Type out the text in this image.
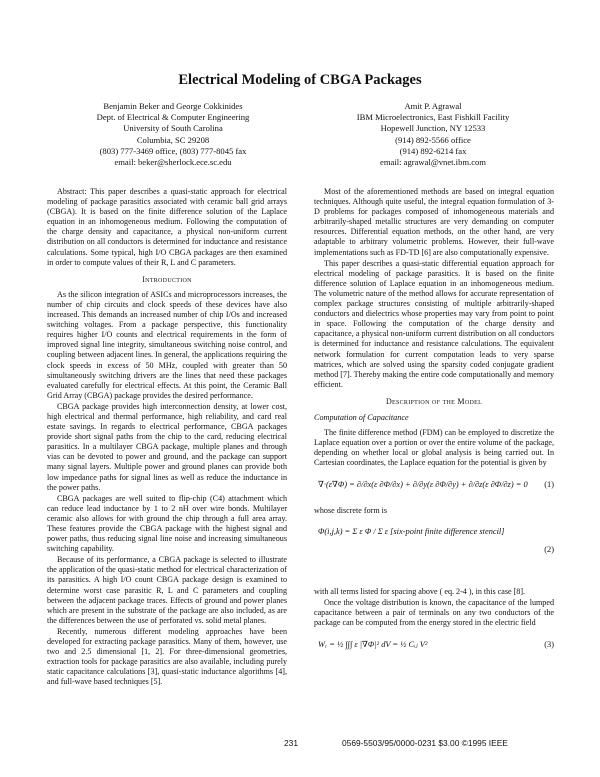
Electrical Modeling of CBGA Packages
Benjamin Beker and George Cokkinides
Dept. of Electrical & Computer Engineering
University of South Carolina
Columbia, SC 29208
(803) 777-3469 office, (803) 777-8045 fax
email: beker@sherlock.ece.sc.edu
Amit P. Agrawal
IBM Microelectronics, East Fishkill Facility
Hopewell Junction, NY 12533
(914) 892-5566 office
(914) 892-6214 fax
email: agrawal@vnet.ibm.com

Abstract: This paper describes a quasi-static approach for electrical modeling of package parasitics associated with ceramic ball grid arrays (CBGA). It is based on the finite difference solution of the Laplace equation in an inhomogeneous medium. Following the computation of the charge density and capacitance, a physical non-uniform current distribution on all conductors is determined for inductance and resistance calculations. Some typical, high I/O CBGA packages are then examined in order to compute values of their R, L and C parameters.

Introduction

As the silicon integration of ASICs and microprocessors increases, the number of chip circuits and clock speeds of these devices have also increased. This demands an increased number of chip I/Os and increased switching voltages. From a package perspective, this functionality requires higher I/O counts and electrical requirements in the form of improved signal line integrity, simultaneous switching noise control, and coupling between adjacent lines. In general, the applications requiring the clock speeds in excess of 50 MHz, coupled with greater than 50 simultaneously switching drivers are the lines that need these packages evaluated carefully for electrical effects. At this point, the Ceramic Ball Grid Array (CBGA) package provides the desired performance.

CBGA package provides high interconnection density, at lower cost, high electrical and thermal performance, high reliability, and card real estate savings. In regards to electrical performance, CBGA packages provide short signal paths from the chip to the card, reducing electrical parasitics. In a multilayer CBGA package, multiple planes and through vias can be devoted to power and ground, and the package can support many signal layers. Multiple power and ground planes can provide both low impedance paths for signal lines as well as reduce the inductance in the power paths.

CBGA packages are well suited to flip-chip (C4) attachment which can reduce lead inductance by 1 to 2 nH over wire bonds. Multilayer ceramic also allows for with ground the chip through a full area array. These features provide the CBGA package with the highest signal and power paths, thus reducing signal line noise and increasing simultaneous switching capability.

Because of its performance, a CBGA package is selected to illustrate the application of the quasi-static method for electrical characterization of its parasitics. A high I/O count CBGA package design is examined to determine worst case parasitic R, L and C parameters and coupling between the adjacent package traces. Effects of ground and power planes which are present in the substrate of the package are also included, as are the differences between the use of perforated vs. solid metal planes.

Recently, numerous different modeling approaches have been developed for extracting package parasitics. Many of them, however, use two and 2.5 dimensional [1, 2]. For three-dimensional geometries, extraction tools for package parasitics are also available, including purely static capacitance calculations [3], quasi-static inductance algorithms [4], and full-wave based techniques [5].

Most of the aforementioned methods are based on integral equation techniques. Although quite useful, the integral equation formulation of 3-D problems for packages composed of inhomogeneous materials and arbitrarily-shaped metallic structures are very demanding on computer resources. Differential equation methods, on the other hand, are very adaptable to arbitrary volumetric problems. However, their full-wave implementations such as FD-TD [6] are also computationally expensive.

This paper describes a quasi-static differential equation approach for electrical modeling of package parasitics. It is based on the finite difference solution of Laplace equation in an inhomogeneous medium. The volumetric nature of the method allows for accurate representation of complex package structures consisting of multiple arbitrarily-shaped conductors and dielectrics whose properties may vary from point to point in space. Following the computation of the charge density and capacitance, a physical non-uniform current distribution on all conductors is determined for inductance and resistance calculations. The equivalent network formulation for current computation leads to very sparse matrices, which are solved using the sparsity coded conjugate gradient method [7]. Thereby making the entire code computationally and memory efficient.

Description of the Model
Computation of Capacitance

The finite difference method (FDM) can be employed to discretize the Laplace equation over a portion or over the entire volume of the package, depending on whether local or global analysis is being carried out. In Cartesian coordinates, the Laplace equation for the potential is given by

∇·(ε∇Φ) = ∂/∂x(ε ∂Φ/∂x) + ∂/∂y(ε ∂Φ/∂y) + ∂/∂z(ε ∂Φ/∂z) = 0 (1)

whose discrete form is

Φ(i,j,k) = Σ ε Φ / Σ ε [six-point finite difference stencil]
(2)

with all terms listed for spacing above ( eq. 2-4 ), in this case [8].

Once the voltage distribution is known, the capacitance of the lumped capacitance between a pair of terminals on any two conductors of the package can be computed from the energy stored in the electric field

Wₑ = ½ ∫∫∫ ε |∇Φ|² dV = ½ Cᵢⱼ V²	(3)
231	0569-5503/95/0000-0231 $3.00 ©1995 IEEE
